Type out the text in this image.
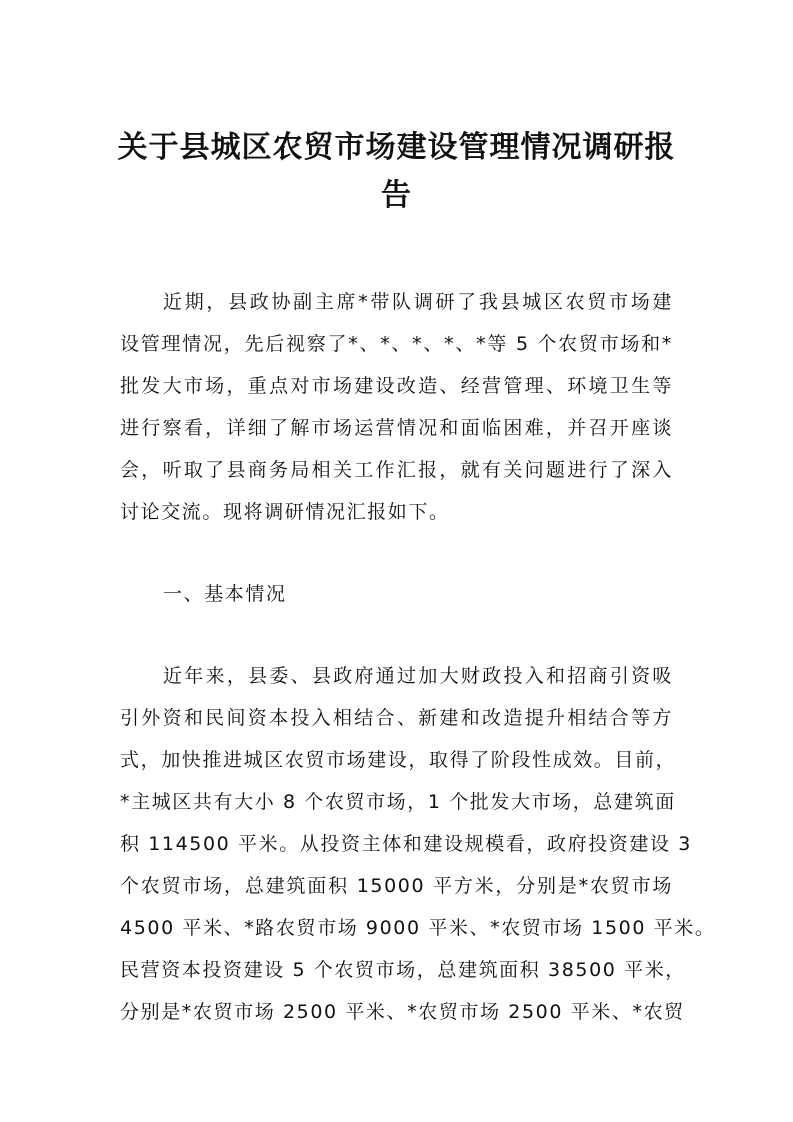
关于县城区农贸市场建设管理情况调研报
告

近期，县政协副主席*带队调研了我县城区农贸市场建

设管理情况，先后视察了*、*、*、*、*等 5 个农贸市场和*

批发大市场，重点对市场建设改造、经营管理、环境卫生等

进行察看，详细了解市场运营情况和面临困难，并召开座谈

会，听取了县商务局相关工作汇报，就有关问题进行了深入

讨论交流。现将调研情况汇报如下。

一、基本情况

近年来，县委、县政府通过加大财政投入和招商引资吸

引外资和民间资本投入相结合、新建和改造提升相结合等方

式，加快推进城区农贸市场建设，取得了阶段性成效。目前，

*主城区共有大小 8 个农贸市场，1 个批发大市场，总建筑面

积 114500 平米。从投资主体和建设规模看，政府投资建设 3

个农贸市场，总建筑面积 15000 平方米，分别是*农贸市场

4500 平米、*路农贸市场 9000 平米、*农贸市场 1500 平米。

民营资本投资建设 5 个农贸市场，总建筑面积 38500 平米，

分别是*农贸市场 2500 平米、*农贸市场 2500 平米、*农贸
